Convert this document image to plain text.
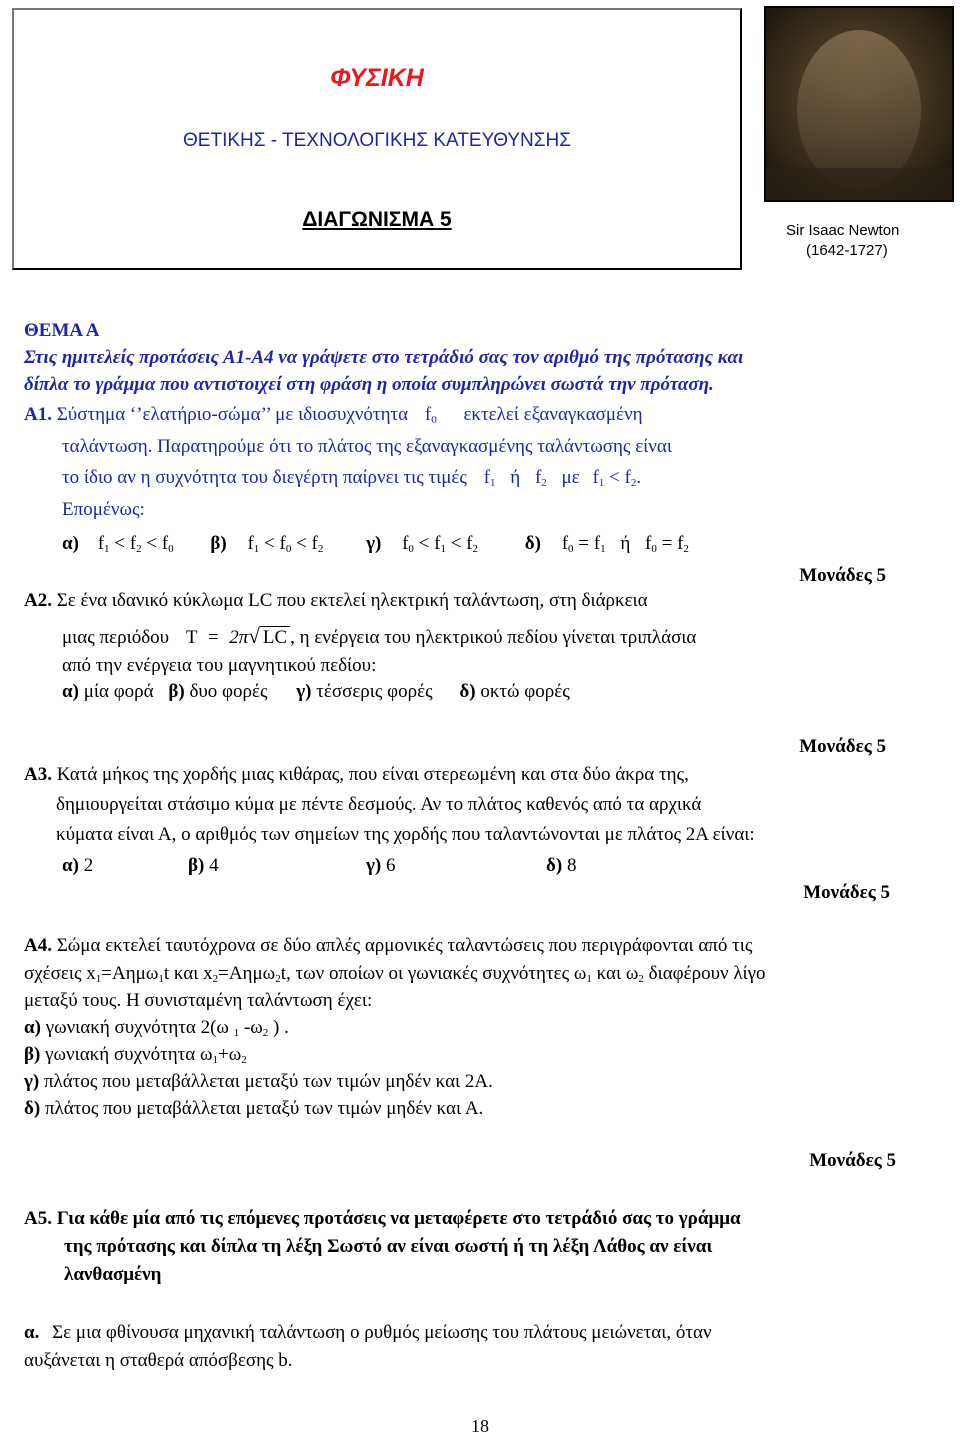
ΦΥΣΙΚΗ
ΘΕΤΙΚΗΣ - ΤΕΧΝΟΛΟΓΙΚΗΣ ΚΑΤΕΥΘΥΝΣΗΣ
ΔΙΑΓΩΝΙΣΜΑ 5	Sir Isaac Newton
(1642-1727)
ΘΕΜΑ Α
Στις ημιτελείς προτάσεις Α1-Α4 να γράψετε στο τετράδιό σας τον αριθμό της πρότασης και
δίπλα το γράμμα που αντιστοιχεί στη φράση η οποία συμπληρώνει σωστά την πρόταση.
Α1. Σύστημα ‘’ελατήριο-σώμα’’ με ιδιοσυχνότητα $f_0$ εκτελεί εξαναγκασμένη
ταλάντωση. Παρατηρούμε ότι το πλάτος της εξαναγκασμένης ταλάντωσης είναι
το ίδιο αν η συχνότητα του διεγέρτη παίρνει τις τιμές $f_1$ ή $f_2$ με $f_1 < f_2$.
Επομένως:
α) $f_1 < f_2 < f_0$ β) $f_1 < f_0 < f_2$ γ) $f_0 < f_1 < f_2$ δ) $f_0 = f_1$ ή $f_0 = f_2$
Μονάδες 5
Α2. Σε ένα ιδανικό κύκλωμα LC που εκτελεί ηλεκτρική ταλάντωση, στη διάρκεια
μιας περιόδου T = 2π√ LC , η ενέργεια του ηλεκτρικού πεδίου γίνεται τριπλάσια
από την ενέργεια του μαγνητικού πεδίου:
α) μία φορά β) δυο φορές γ) τέσσερις φορές δ) οκτώ φορές
Μονάδες 5
Α3. Κατά μήκος της χορδής μιας κιθάρας, που είναι στερεωμένη και στα δύο άκρα της,
δημιουργείται στάσιμο κύμα με πέντε δεσμούς. Αν το πλάτος καθενός από τα αρχικά
κύματα είναι Α, ο αριθμός των σημείων της χορδής που ταλαντώνονται με πλάτος 2Α είναι:
α) 2	β) 4	γ) 6	δ) 8
Μονάδες 5
Α4. Σώμα εκτελεί ταυτόχρονα σε δύο απλές αρμονικές ταλαντώσεις που περιγράφονται από τις
σχέσεις $x_1=A\eta\mu\omega_1t$ και $x_2=A\eta\mu\omega_2t$, των οποίων οι γωνιακές συχνότητες $\omega_1$ και $\omega_2$ διαφέρουν λίγο
μεταξύ τους. Η συνισταμένη ταλάντωση έχει:
α) γωνιακή συχνότητα 2(ω $_1$ $-\omega_2$ ) .
β) γωνιακή συχνότητα $\omega_1+\omega_2$
γ) πλάτος που μεταβάλλεται μεταξύ των τιμών μηδέν και 2Α.
δ) πλάτος που μεταβάλλεται μεταξύ των τιμών μηδέν και Α.
Μονάδες 5
Α5. Για κάθε μία από τις επόμενες προτάσεις να μεταφέρετε στο τετράδιό σας το γράμμα
της πρότασης και δίπλα τη λέξη Σωστό αν είναι σωστή ή τη λέξη Λάθος αν είναι
λανθασμένη
α. Σε μια φθίνουσα μηχανική ταλάντωση ο ρυθμός μείωσης του πλάτους μειώνεται, όταν
αυξάνεται η σταθερά απόσβεσης b.
18
